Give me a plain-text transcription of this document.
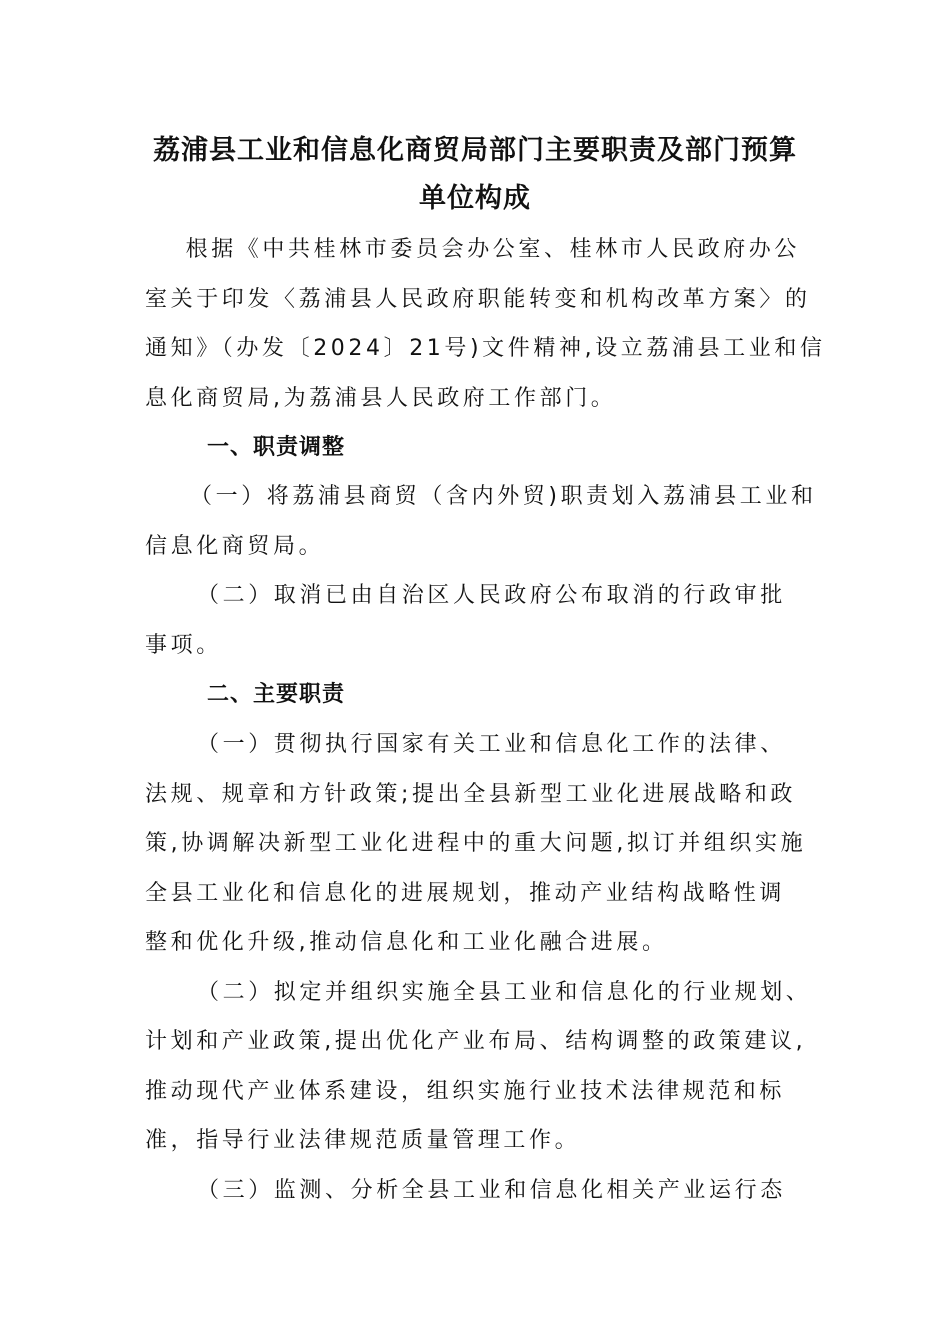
荔浦县工业和信息化商贸局部门主要职责及部门预算
单位构成
　根据《中共桂林市委员会办公室、桂林市人民政府办公
室关于印发〈荔浦县人民政府职能转变和机构改革方案〉的
通知》（办发〔2024〕21号)文件精神,设立荔浦县工业和信
息化商贸局,为荔浦县人民政府工作部门。
一、职责调整
（一）将荔浦县商贸（含内外贸)职责划入荔浦县工业和
信息化商贸局。
（二）取消已由自治区人民政府公布取消的行政审批
事项。
二、主要职责
（一）贯彻执行国家有关工业和信息化工作的法律、
法规、规章和方针政策;提出全县新型工业化进展战略和政
策,协调解决新型工业化进程中的重大问题,拟订并组织实施
全县工业化和信息化的进展规划，推动产业结构战略性调
整和优化升级,推动信息化和工业化融合进展。
（二）拟定并组织实施全县工业和信息化的行业规划、
计划和产业政策,提出优化产业布局、结构调整的政策建议,
推动现代产业体系建设，组织实施行业技术法律规范和标
准，指导行业法律规范质量管理工作。
（三）监测、分析全县工业和信息化相关产业运行态
